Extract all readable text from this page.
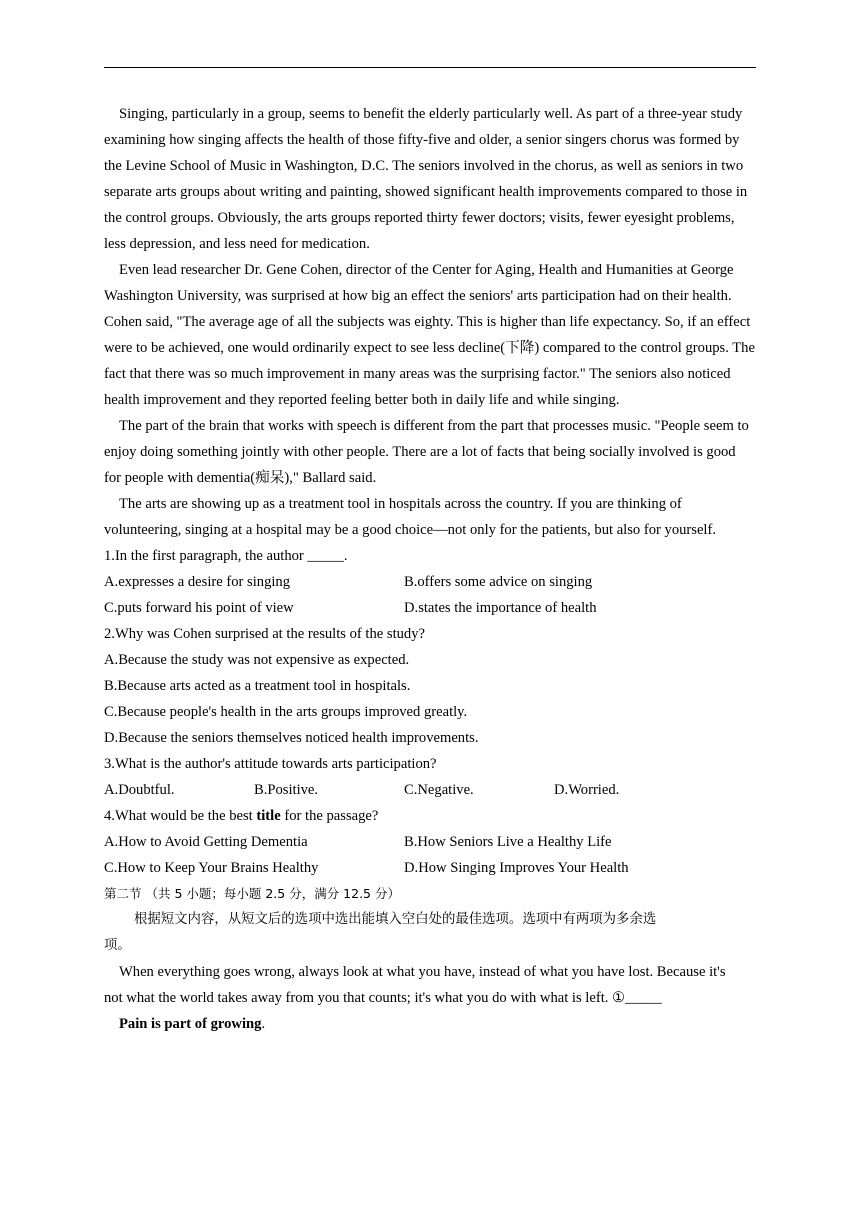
Singing, particularly in a group, seems to benefit the elderly particularly well. As part of a three-year study examining how singing affects the health of those fifty-five and older, a senior singers chorus was formed by the Levine School of Music in Washington, D.C. The seniors involved in the chorus, as well as seniors in two separate arts groups about writing and painting, showed significant health improvements compared to those in the control groups. Obviously, the arts groups reported thirty fewer doctors; visits, fewer eyesight problems, less depression, and less need for medication.

Even lead researcher Dr. Gene Cohen, director of the Center for Aging, Health and Humanities at George Washington University, was surprised at how big an effect the seniors' arts participation had on their health. Cohen said, "The average age of all the subjects was eighty. This is higher than life expectancy. So, if an effect were to be achieved, one would ordinarily expect to see less decline(下降) compared to the control groups. The fact that there was so much improvement in many areas was the surprising factor." The seniors also noticed health improvement and they reported feeling better both in daily life and while singing.

The part of the brain that works with speech is different from the part that processes music. "People seem to enjoy doing something jointly with other people. There are a lot of facts that being socially involved is good for people with dementia(痴呆)," Ballard said.

The arts are showing up as a treatment tool in hospitals across the country. If you are thinking of volunteering, singing at a hospital may be a good choice—not only for the patients, but also for yourself.

1.In the first paragraph, the author _____.

A.expresses a desire for singing	B.offers some advice on singing
C.puts forward his point of view	D.states the importance of health

2.Why was Cohen surprised at the results of the study?

A.Because the study was not expensive as expected.

B.Because arts acted as a treatment tool in hospitals.

C.Because people's health in the arts groups improved greatly.

D.Because the seniors themselves noticed health improvements.

3.What is the author's attitude towards arts participation?

A.Doubtful.	B.Positive.	C.Negative.	D.Worried.

4.What would be the best title for the passage?

A.How to Avoid Getting Dementia	B.How Seniors Live a Healthy Life
C.How to Keep Your Brains Healthy	D.How Singing Improves Your Health

第二节 （共 5 小题；每小题 2.5 分，满分 12.5 分）

根据短文内容，从短文后的选项中选出能填入空白处的最佳选项。选项中有两项为多余选

项。

When everything goes wrong, always look at what you have, instead of what you have lost. Because it's

not what the world takes away from you that counts; it's what you do with what is left. ①_____

Pain is part of growing.
